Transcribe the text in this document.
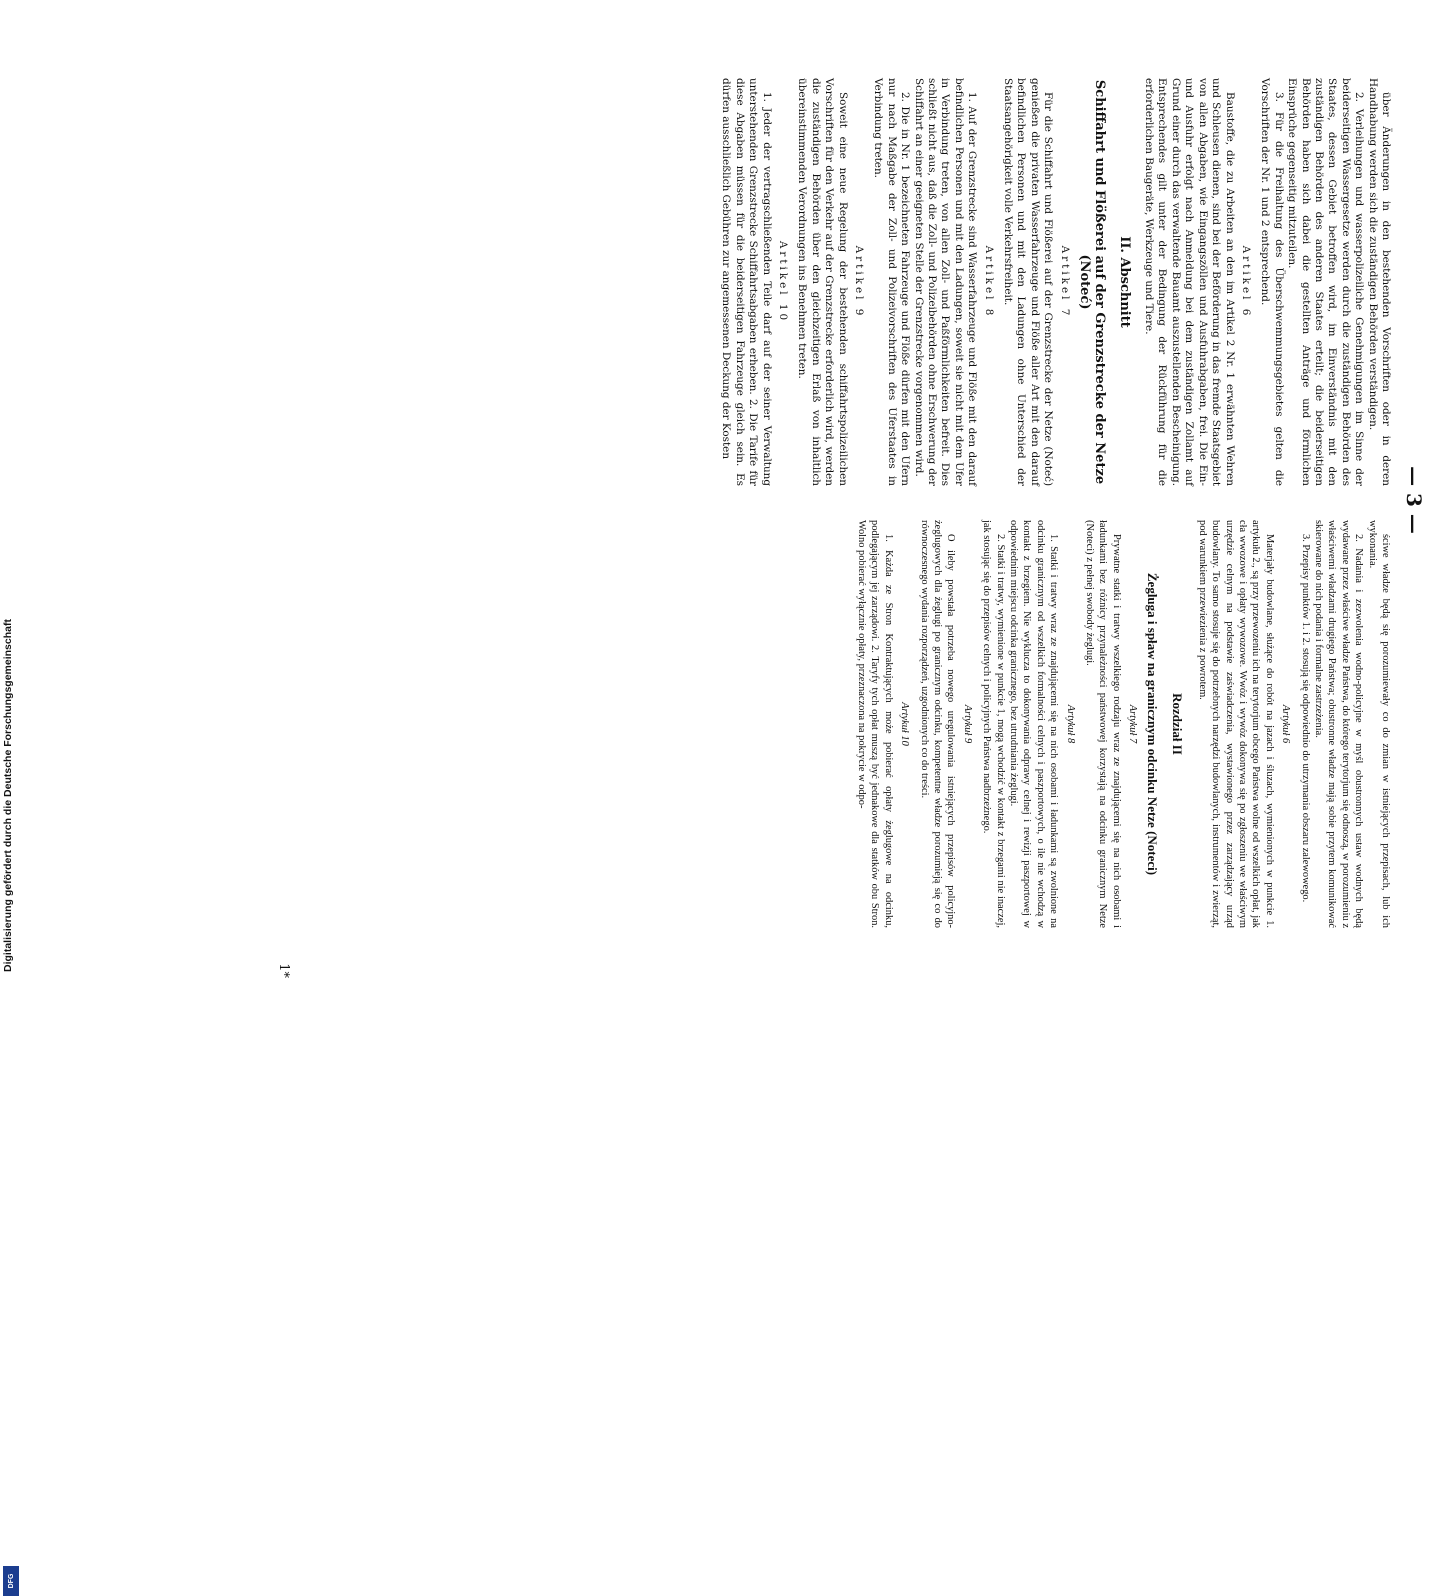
— 3 —

über Änderungen in den bestehenden Vorschriften oder in deren Handhabung werden sich die zuständigen Behörden verständigen.

2. Verleihungen und wasserpolizeiliche Genehmigungen im Sinne der beiderseitigen Wassergesetze werden durch die zuständigen Behörden des Staates, dessen Gebiet betroffen wird, im Einverständnis mit den zuständigen Behörden des anderen Staates erteilt; die beiderseitigen Behörden haben sich dabei die gestellten Anträge und förmlichen Einsprüche gegenseitig mitzuteilen.

3. Für die Freihaltung des Überschwemmungsgebietes gelten die Vorschriften der Nr. 1 und 2 entsprechend.

Artikel 6

Baustoffe, die zu Arbeiten an den im Artikel 2 Nr. 1 erwähnten Wehren und Schleusen dienen, sind bei der Beförderung in das fremde Staatsgebiet von allen Abgaben, wie Eingangszöllen und Ausfuhrabgaben, frei. Die Ein- und Ausfuhr erfolgt nach Anmeldung bei dem zuständigen Zollamt auf Grund einer durch das verwaltende Bauamt auszustellenden Bescheinigung. Entsprechendes gilt unter der Bedingung der Rückführung für die erforderlichen Baugeräte, Werkzeuge und Tiere.

II. Abschnitt
Schiffahrt und Flößerei auf der Grenzstrecke der Netze (Noteć)
Artikel 7

Für die Schiffahrt und Flößerei auf der Grenzstrecke der Netze (Noteć) genießen die privaten Wasserfahrzeuge und Flöße aller Art mit den darauf befindlichen Personen und mit den Ladungen ohne Unterschied der Staatsangehörigkeit volle Verkehrsfreiheit.

Artikel 8

1. Auf der Grenzstrecke sind Wasserfahrzeuge und Flöße mit den darauf befindlichen Personen und mit den Ladungen, soweit sie nicht mit dem Ufer in Verbindung treten, von allen Zoll- und Paßförmlichkeiten befreit. Dies schließt nicht aus, daß die Zoll- und Polizeibehörden ohne Erschwerung der Schiffahrt an einer geeigneten Stelle der Grenzstrecke vorgenommen wird.

2. Die in Nr. 1 bezeichneten Fahrzeuge und Flöße dürfen mit den Ufern nur nach Maßgabe der Zoll- und Polizeivorschriften des Uferstaates in Verbindung treten.

Artikel 9

Soweit eine neue Regelung der bestehenden schiffahrtspolizeilichen Vorschriften für den Verkehr auf der Grenzstrecke erforderlich wird, werden die zuständigen Behörden über den gleichzeitigen Erlaß von inhaltlich übereinstimmenden Verordnungen ins Benehmen treten.

Artikel 10

1. Jeder der vertragschließenden Teile darf auf der seiner Verwaltung unterstehenden Grenzstrecke Schiffahrtsabgaben erheben. 2. Die Tarife für diese Abgaben müssen für die beiderseitigen Fahrzeuge gleich sein. Es dürfen ausschließlich Gebühren zur angemessenen Deckung der Kosten

ściwe władze będą się porozumiewały co do zmian w istniejących przepisach, lub ich wykonania.

2. Nadania i zezwolenia wodno-policyjne w myśl obustronnych ustaw wodnych będą wydawane przez właściwe władze Państwa, do którego terytorjum się odnoszą, w porozumieniu z właściwemi władzami drugiego Państwa; obustronne władze mają sobie przytem komunikować skierowane do nich podania i formalne zastrzeżenia.

3. Przepisy punktów 1. i 2. stosują się odpowiednio do utrzymania obszaru zalewowego.

Artykuł 6

Materjały budowlane, służące do robót na jazach i śluzach, wymienionych w punkcie 1. artykułu 2., są przy przewozeniu ich na terytorjum obcego Państwa wolne od wszelkich opłat, jak cła wwozowe i opłaty wywozowe. Wwóz i wywóz dokonywa się po zgłoszeniu we właściwym urzędzie celnym na podstawie zaświadczenia, wystawionego przez zarządzający urząd budowlany. To samo stosuje się do potrzebnych narzędzi budowlanych, instrumentów i zwierząt, pod warunkiem przewiezienia z powrotem.

Rozdział II
Żegluga i spław na granicznym odcinku Netze (Noteci)
Artykuł 7

Prywatne statki i tratwy wszelkiego rodzaju wraz ze znajdującemi się na nich osobami i ładunkami bez różnicy przynależności państwowej korzystają na odcinku granicznym Netze (Noteci) z pełnej swobody żeglugi.

Artykuł 8

1. Statki i tratwy wraz ze znajdującemi się na nich osobami i ładunkami są zwolnione na odcinku granicznym od wszelkich formalności celnych i paszportowych, o ile nie wchodzą w kontakt z brzegiem. Nie wyklucza to dokonywania odprawy celnej i rewizji paszportowej w odpowiednim miejscu odcinka granicznego, bez utrudniania żeglugi.

2. Statki i tratwy, wymienione w punkcie 1, mogą wchodzić w kontakt z brzegami nie inaczej, jak stosując się do przepisów celnych i policyjnych Państwa nadbrzeżnego.

Artykuł 9

O ileby powstała potrzeba nowego uregulowania istniejących przepisów policyjno-żeglugowych dla żeglugi po granicznym odcinku, kompetentne władze porozumieją się co do równoczesnego wydania rozporządzeń, uzgodnionych co do treści.

Artykuł 10

1. Każda ze Stron Kontraktujących może pobierać opłaty żeglugowe na odcinku, podlegającym jej zarządowi. 2. Taryfy tych opłat muszą być jednakowe dla statków obu Stron. Wolno pobierać wyłącznie opłaty, przeznaczona na pokrycie w odpo-

1*
Digitalisierung gefördert durch die Deutsche Forschungsgemeinschaft
DFG
